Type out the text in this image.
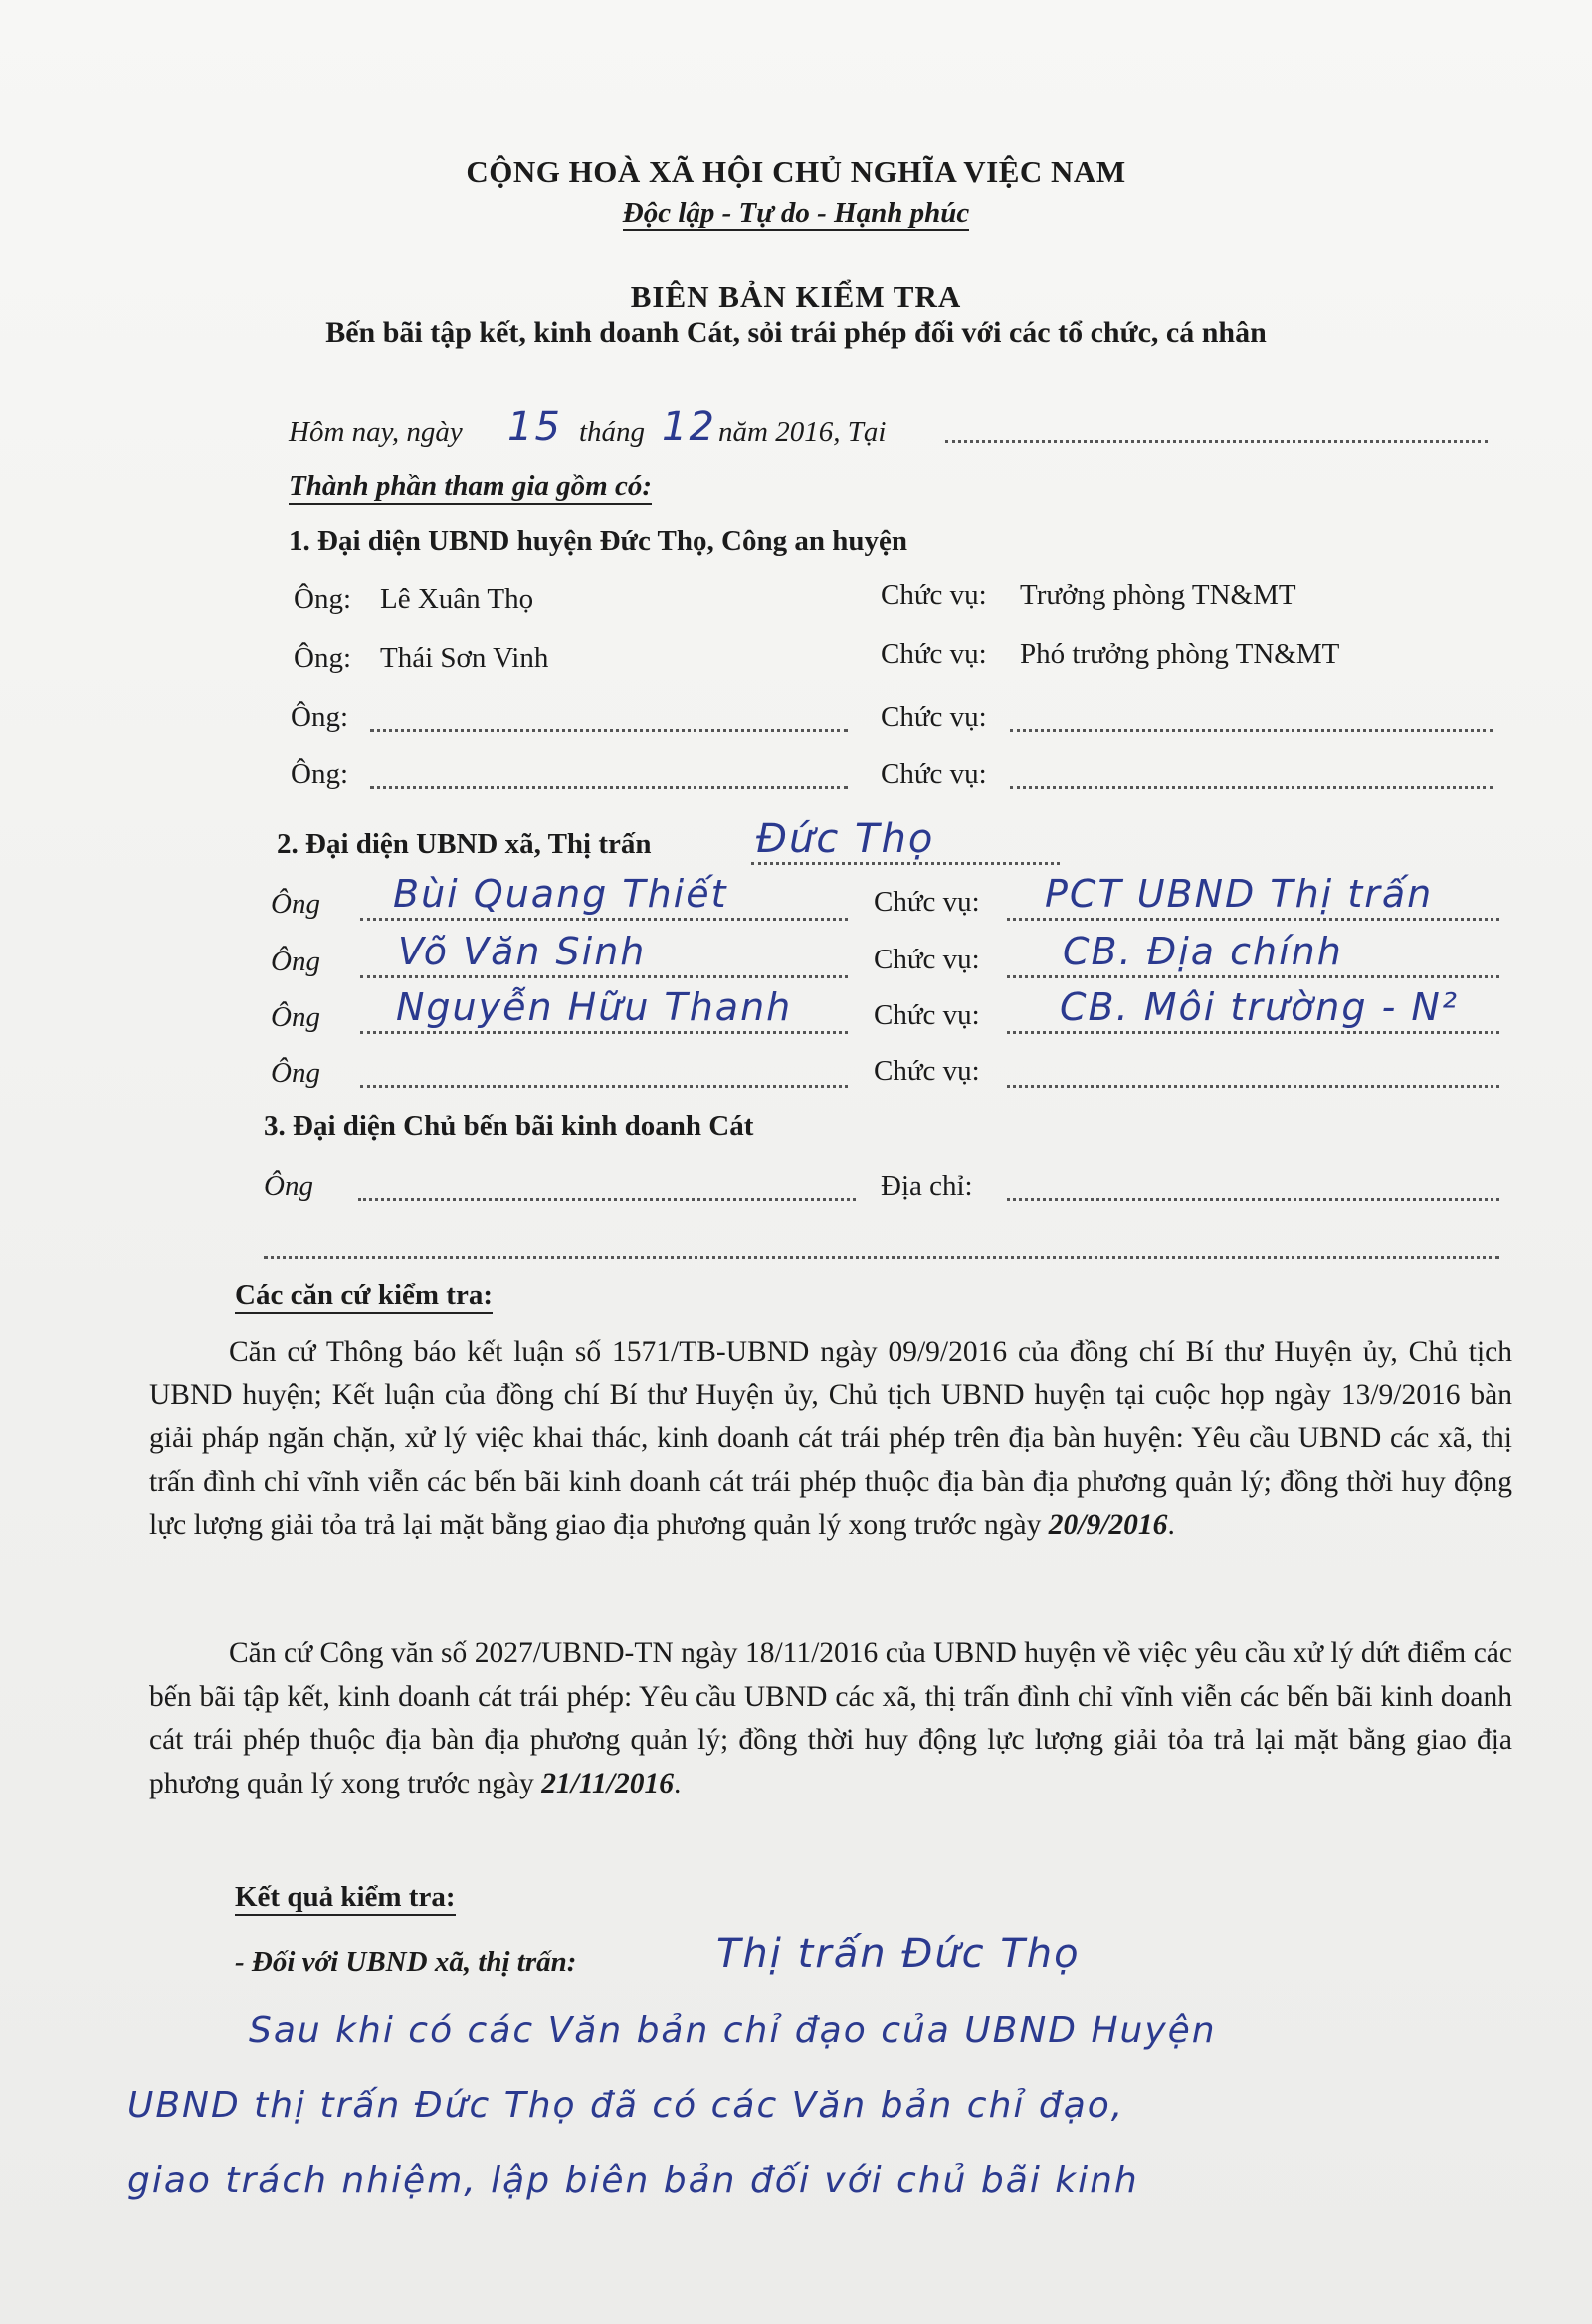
CỘNG HOÀ XÃ HỘI CHỦ NGHĨA VIỆC NAM
Độc lập - Tự do - Hạnh phúc
BIÊN BẢN KIỂM TRA
Bến bãi tập kết, kinh doanh Cát, sỏi trái phép đối với các tổ chức, cá nhân
Hôm nay, ngày 15 tháng 12 năm 2016, Tại
Thành phần tham gia gồm có:
1. Đại diện UBND huyện Đức Thọ, Công an huyện
Ông: Lê Xuân Thọ	Chức vụ: Trưởng phòng TN&MT
Ông: Thái Sơn Vinh	Chức vụ: Phó trưởng phòng TN&MT
Ông:	Chức vụ:
Ông:	Chức vụ:
2. Đại diện UBND xã, Thị trấn	Đức Thọ
Ông Bùi Quang Thiết	Chức vụ: PCT UBND Thị trấn
Ông Võ Văn Sinh	Chức vụ: CB. Địa chính
Ông Nguyễn Hữu Thanh	Chức vụ: CB. Môi trường - N²
Ông	Chức vụ:
3. Đại diện Chủ bến bãi kinh doanh Cát
Ông	Địa chỉ:
Các căn cứ kiểm tra:

Căn cứ Thông báo kết luận số 1571/TB-UBND ngày 09/9/2016 của đồng chí Bí thư Huyện ủy, Chủ tịch UBND huyện; Kết luận của đồng chí Bí thư Huyện ủy, Chủ tịch UBND huyện tại cuộc họp ngày 13/9/2016 bàn giải pháp ngăn chặn, xử lý việc khai thác, kinh doanh cát trái phép trên địa bàn huyện: Yêu cầu UBND các xã, thị trấn đình chỉ vĩnh viễn các bến bãi kinh doanh cát trái phép thuộc địa bàn địa phương quản lý; đồng thời huy động lực lượng giải tỏa trả lại mặt bằng giao địa phương quản lý xong trước ngày 20/9/2016.

Căn cứ Công văn số 2027/UBND-TN ngày 18/11/2016 của UBND huyện về việc yêu cầu xử lý dứt điểm các bến bãi tập kết, kinh doanh cát trái phép: Yêu cầu UBND các xã, thị trấn đình chỉ vĩnh viễn các bến bãi kinh doanh cát trái phép thuộc địa bàn địa phương quản lý; đồng thời huy động lực lượng giải tỏa trả lại mặt bằng giao địa phương quản lý xong trước ngày 21/11/2016.

Kết quả kiểm tra:
- Đối với UBND xã, thị trấn:	Thị trấn Đức Thọ
Sau khi có các Văn bản chỉ đạo của UBND Huyện
UBND thị trấn Đức Thọ đã có các Văn bản chỉ đạo,
giao trách nhiệm, lập biên bản đối với chủ bãi kinh
